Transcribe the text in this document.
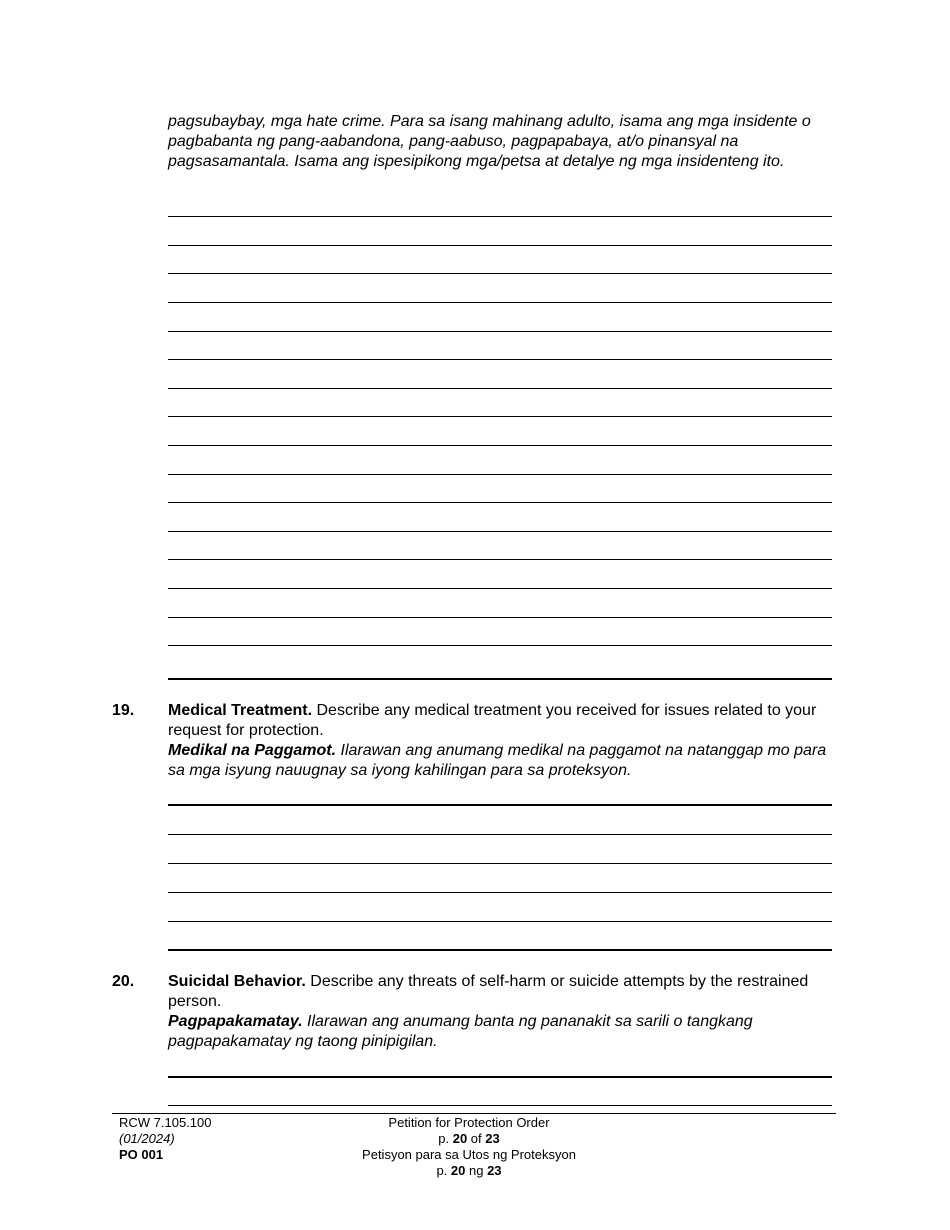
pagsubaybay, mga hate crime. Para sa isang mahinang adulto, isama ang mga insidente o pagbabanta ng pang-aabandona, pang-aabuso, pagpapabaya, at/o pinansyal na pagsasamantala. Isama ang ispesipikong mga/petsa at detalye ng mga insidenteng ito.
19. Medical Treatment. Describe any medical treatment you received for issues related to your request for protection.
Medikal na Paggamot. Ilarawan ang anumang medikal na paggamot na natanggap mo para sa mga isyung nauugnay sa iyong kahilingan para sa proteksyon.
20. Suicidal Behavior. Describe any threats of self-harm or suicide attempts by the restrained person.
Pagpapakamatay. Ilarawan ang anumang banta ng pananakit sa sarili o tangkang pagpapakamatay ng taong pinipigilan.
RCW 7.105.100
(01/2024)
PO 001
Petition for Protection Order
p. 20 of 23
Petisyon para sa Utos ng Proteksyon
p. 20 ng 23
